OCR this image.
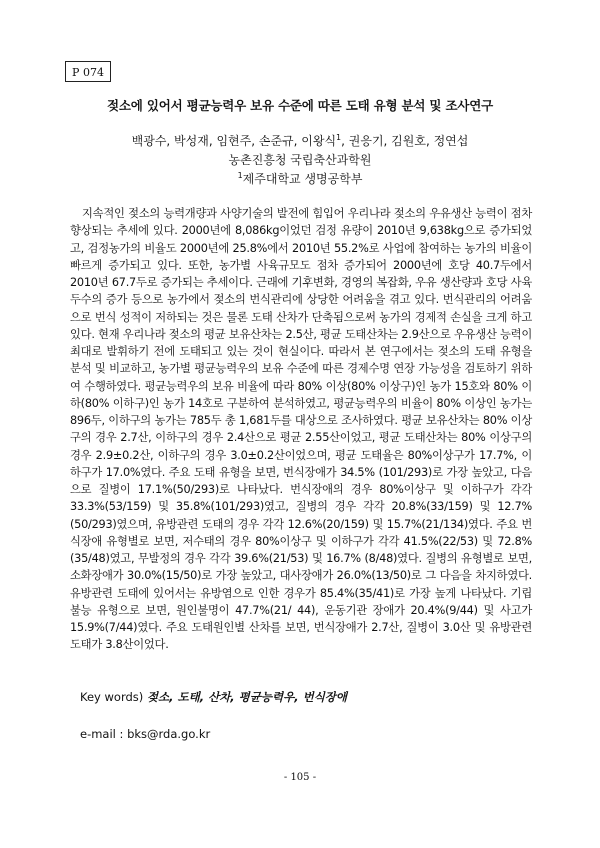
P 074
젖소에 있어서 평균능력우 보유 수준에 따른 도태 유형 분석 및 조사연구
백광수, 박성재, 임현주, 손준규, 이왕식$^1$, 권응기, 김원호, 정연섭
농촌진흥청 국립축산과학원
$^1$제주대학교 생명공학부

지속적인 젖소의 능력개량과 사양기술의 발전에 힘입어 우리나라 젖소의 우유생산 능력이 점차 향상되는 추세에 있다. 2000년에 8,086kg이었던 검정 유량이 2010년 9,638kg으로 증가되었고, 검정농가의 비율도 2000년에 25.8%에서 2010년 55.2%로 사업에 참여하는 농가의 비율이 빠르게 증가되고 있다. 또한, 농가별 사육규모도 점차 증가되어 2000년에 호당 40.7두에서 2010년 67.7두로 증가되는 추세이다. 근래에 기후변화, 경영의 복잡화, 우유 생산량과 호당 사육두수의 증가 등으로 농가에서 젖소의 번식관리에 상당한 어려움을 겪고 있다. 번식관리의 어려움으로 번식 성적이 저하되는 것은 물론 도태 산차가 단축됨으로써 농가의 경제적 손실을 크게 하고 있다. 현재 우리나라 젖소의 평균 보유산차는 2.5산, 평균 도태산차는 2.9산으로 우유생산 능력이 최대로 발휘하기 전에 도태되고 있는 것이 현실이다. 따라서 본 연구에서는 젖소의 도태 유형을 분석 및 비교하고, 농가별 평균능력우의 보유 수준에 따른 경제수명 연장 가능성을 검토하기 위하여 수행하였다. 평균능력우의 보유 비율에 따라 80% 이상(80% 이상구)인 농가 15호와 80% 이하(80% 이하구)인 농가 14호로 구분하여 분석하였고, 평균능력우의 비율이 80% 이상인 농가는 896두, 이하구의 농가는 785두 총 1,681두를 대상으로 조사하였다. 평균 보유산차는 80% 이상구의 경우 2.7산, 이하구의 경우 2.4산으로 평균 2.55산이었고, 평균 도태산차는 80% 이상구의 경우 2.9±0.2산, 이하구의 경우 3.0±0.2산이었으며, 평균 도태율은 80%이상구가 17.7%, 이하구가 17.0%였다. 주요 도태 유형을 보면, 번식장애가 34.5% (101/293)로 가장 높았고, 다음으로 질병이 17.1%(50/293)로 나타났다. 번식장애의 경우 80%이상구 및 이하구가 각각 33.3%(53/159) 및 35.8%(101/293)였고, 질병의 경우 각각 20.8%(33/159) 및 12.7%(50/293)였으며, 유방관련 도태의 경우 각각 12.6%(20/159) 및 15.7%(21/134)였다. 주요 번식장애 유형별로 보면, 저수태의 경우 80%이상구 및 이하구가 각각 41.5%(22/53) 및 72.8%(35/48)였고, 무발정의 경우 각각 39.6%(21/53) 및 16.7% (8/48)였다. 질병의 유형별로 보면, 소화장애가 30.0%(15/50)로 가장 높았고, 대사장애가 26.0%(13/50)로 그 다음을 차지하였다. 유방관련 도태에 있어서는 유방염으로 인한 경우가 85.4%(35/41)로 가장 높게 나타났다. 기립불능 유형으로 보면, 원인불명이 47.7%(21/ 44), 운동기관 장애가 20.4%(9/44) 및 사고가 15.9%(7/44)였다. 주요 도태원인별 산차를 보면, 번식장애가 2.7산, 질병이 3.0산 및 유방관련 도태가 3.8산이었다.

Key words) 젖소, 도태, 산차, 평균능력우, 번식장애
e-mail : bks@rda.go.kr
- 105 -
